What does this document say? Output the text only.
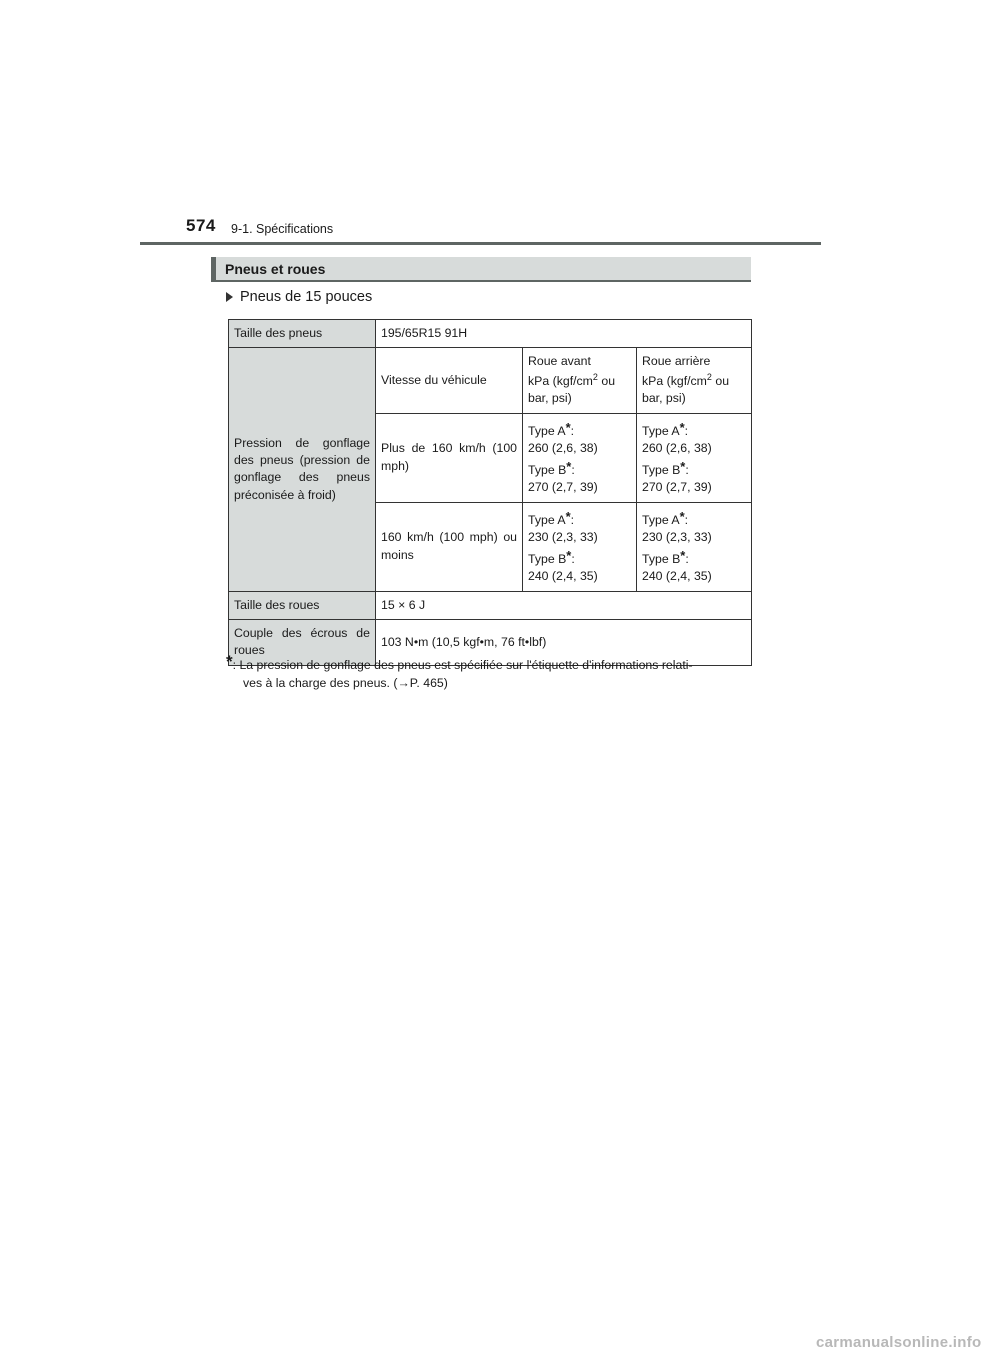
574 9-1. Spécifications
Pneus et roues
Pneus de 15 pouces
Taille des pneus	195/65R15 91H		
Pression de gonflage des pneus (pression de gonflage des pneus préconisée à froid)	Vitesse du véhicule	Roue avant
kPa ($kgf/cm^2$ ou
bar, psi)	Roue arrière
kPa ($kgf/cm^2$ ou
bar, psi)
	Plus de 160 km/h (100 mph)	Type A*:
260 (2,6, 38)
Type B*:
270 (2,7, 39)	Type A*:
260 (2,6, 38)
Type B*:
270 (2,7, 39)
	160 km/h (100 mph) ou moins	Type A*:
230 (2,3, 33)
Type B*:
240 (2,4, 35)	Type A*:
230 (2,3, 33)
Type B*:
240 (2,4, 35)
Taille des roues	15 × 6 J		
Couple des écrous de roues	103 N•m (10,5 kgf•m, 76 ft•lbf)		
*: La pression de gonflage des pneus est spécifiée sur l'étiquette d'informations relati-
ves à la charge des pneus. (→P. 465)
carmanualsonline.info
